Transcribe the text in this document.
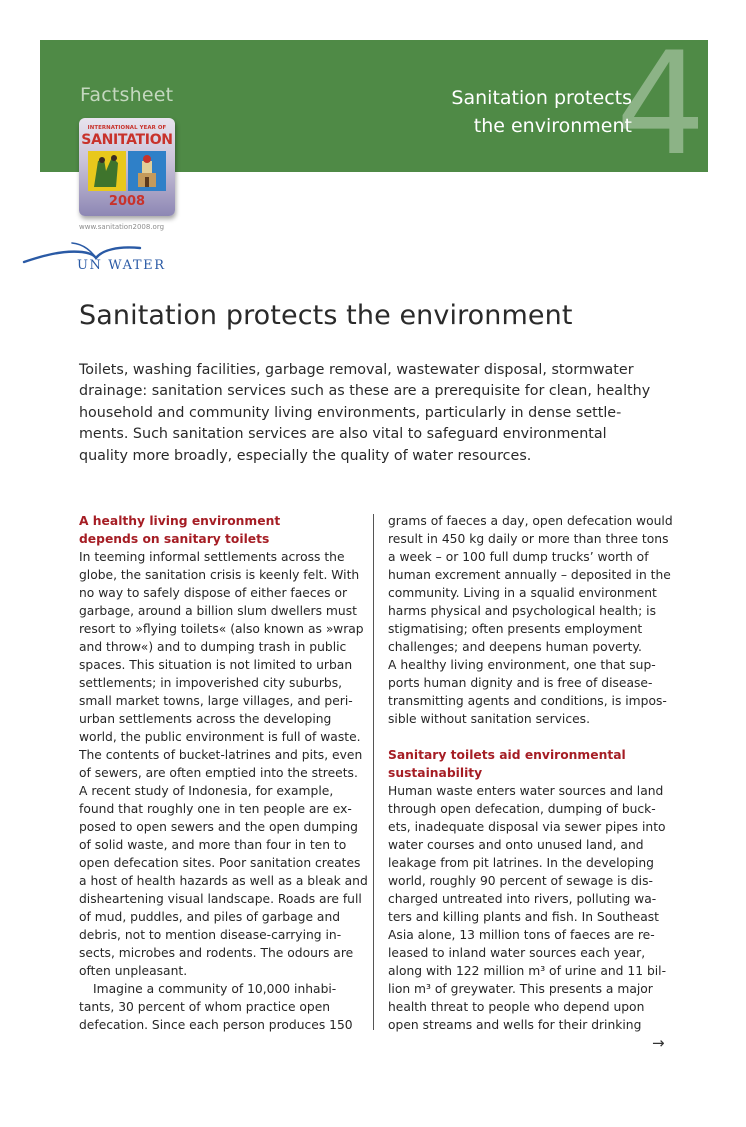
4
Factsheet	Sanitation protects
the environment
INTERNATIONAL YEAR OF
SANITATION
2008
www.sanitation2008.org
UN WATER
Sanitation protects the environment

Toilets, washing facilities, garbage removal, wastewater disposal, stormwater
drainage: sanitation services such as these are a prerequisite for clean, healthy
household and community living environments, particularly in dense settle-
ments. Such sanitation services are also vital to safeguard environmental
quality more broadly, especially the quality of water resources.

A healthy living environment
depends on sanitary toilets
In teeming informal settlements across the
globe, the sanitation crisis is keenly felt. With
no way to safely dispose of either faeces or
garbage, around a billion slum dwellers must
resort to »flying toilets« (also known as »wrap
and throw«) and to dumping trash in public
spaces. This situation is not limited to urban
settlements; in impoverished city suburbs,
small market towns, large villages, and peri-
urban settlements across the developing
world, the public environment is full of waste.
The contents of bucket-latrines and pits, even
of sewers, are often emptied into the streets.
A recent study of Indonesia, for example,
found that roughly one in ten people are ex-
posed to open sewers and the open dumping
of solid waste, and more than four in ten to
open defecation sites. Poor sanitation creates
a host of health hazards as well as a bleak and
disheartening visual landscape. Roads are full
of mud, puddles, and piles of garbage and
debris, not to mention disease-carrying in-
sects, microbes and rodents. The odours are
often unpleasant.
Imagine a community of 10,000 inhabi-
tants, 30 percent of whom practice open
defecation. Since each person produces 150
grams of faeces a day, open defecation would
result in 450 kg daily or more than three tons
a week – or 100 full dump trucks’ worth of
human excrement annually – deposited in the
community. Living in a squalid environment
harms physical and psychological health; is
stigmatising; often presents employment
challenges; and deepens human poverty.
A healthy living environment, one that sup-
ports human dignity and is free of disease-
transmitting agents and conditions, is impos-
sible without sanitation services.
Sanitary toilets aid environmental
sustainability
Human waste enters water sources and land
through open defecation, dumping of buck-
ets, inadequate disposal via sewer pipes into
water courses and onto unused land, and
leakage from pit latrines. In the developing
world, roughly 90 percent of sewage is dis-
charged untreated into rivers, polluting wa-
ters and killing plants and fish. In Southeast
Asia alone, 13 million tons of faeces are re-
leased to inland water sources each year,
along with 122 million m³ of urine and 11 bil-
lion m³ of greywater. This presents a major
health threat to people who depend upon
open streams and wells for their drinking
→
